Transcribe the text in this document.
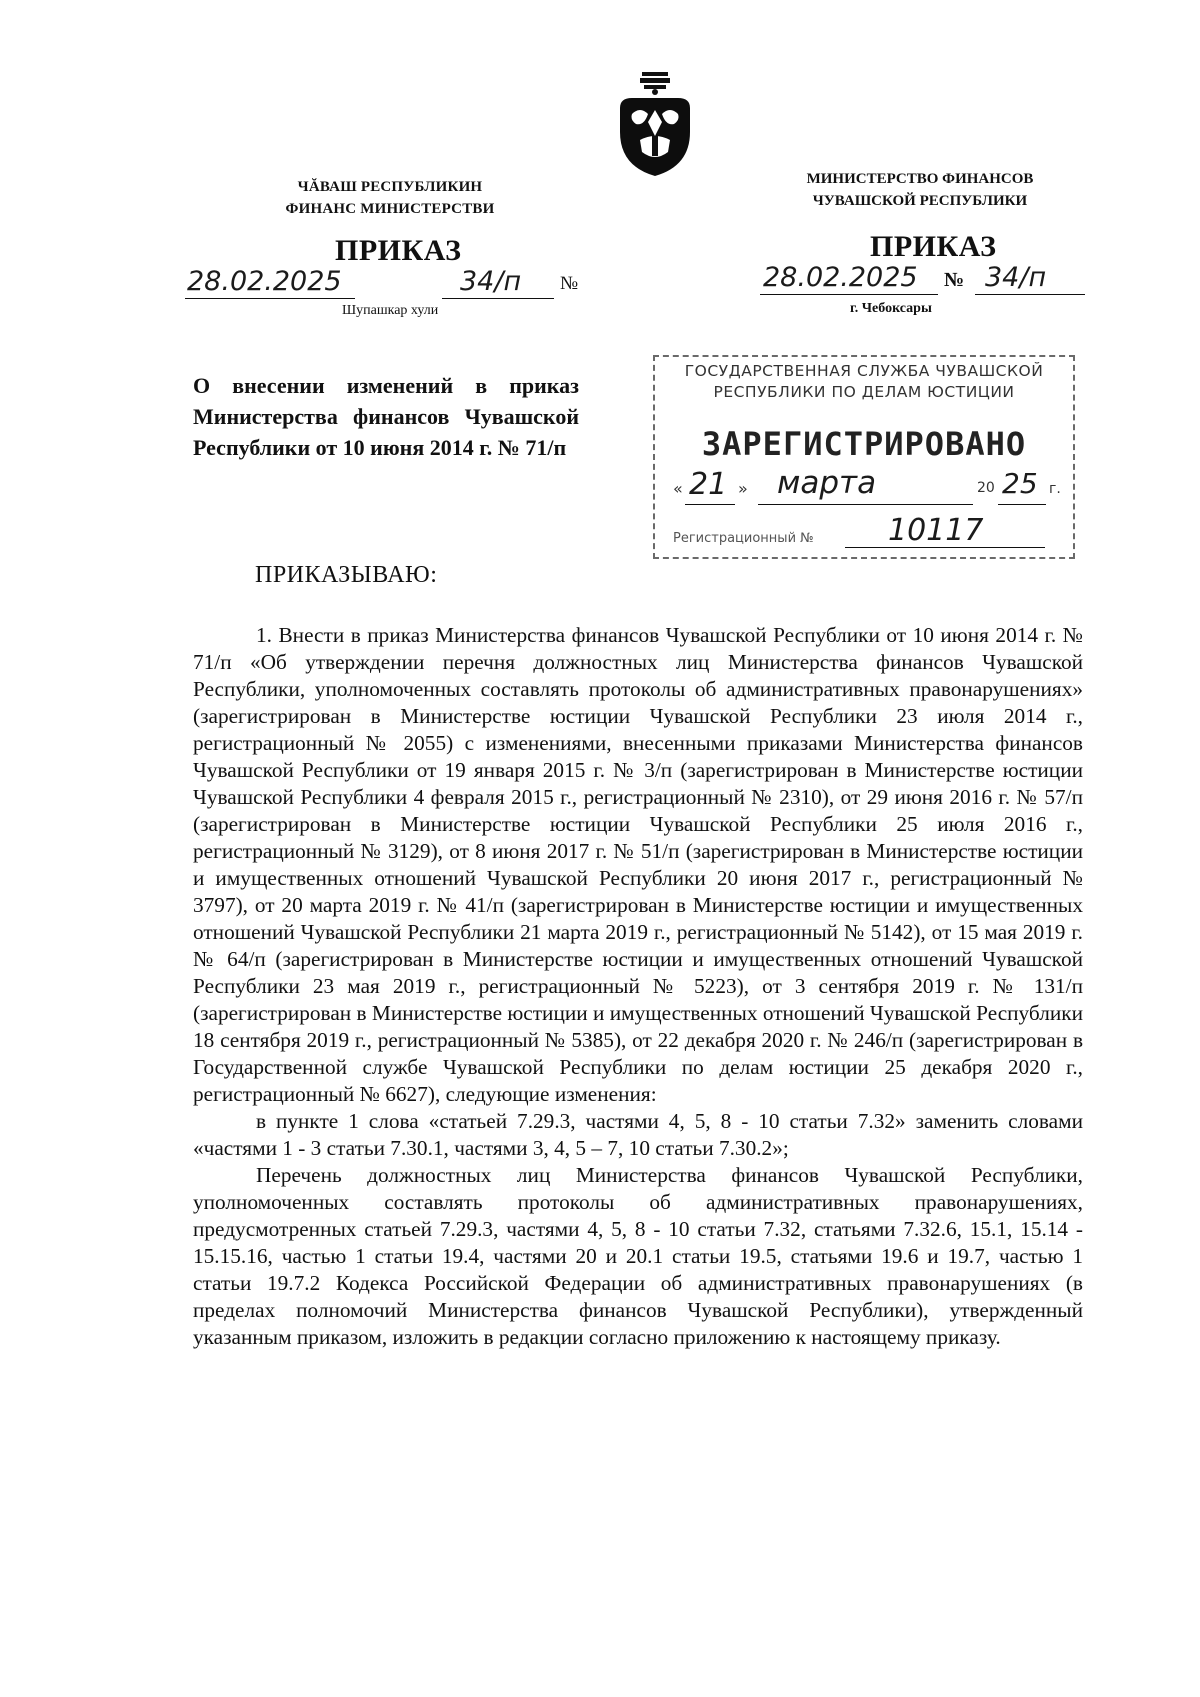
ЧĂВАШ РЕСПУБЛИКИН
ФИНАНС МИНИСТЕРСТВИ
МИНИСТЕРСТВО ФИНАНСОВ
ЧУВАШСКОЙ РЕСПУБЛИКИ
ПРИКАЗ	ПРИКАЗ
28.02.2025	34/п №
Шупашкар хули
28.02.2025 № 34/п
г. Чебоксары
О внесении изменений в приказ Министерства финансов Чувашской Республики от 10 июня 2014 г. № 71/п
ГОСУДАРСТВЕННАЯ СЛУЖБА ЧУВАШСКОЙ
РЕСПУБЛИКИ ПО ДЕЛАМ ЮСТИЦИИ
ЗАРЕГИСТРИРОВАНО
« 21 » марта	20 25 г.
Регистрационный № 10117
ПРИКАЗЫВАЮ:

1. Внести в приказ Министерства финансов Чувашской Республики от 10 июня 2014 г. № 71/п «Об утверждении перечня должностных лиц Министерства финансов Чувашской Республики, уполномоченных составлять протоколы об административных правонарушениях» (зарегистрирован в Министерстве юстиции Чувашской Республики 23 июля 2014 г., регистрационный № 2055) с изменениями, внесенными приказами Министерства финансов Чувашской Республики от 19 января 2015 г. № 3/п (зарегистрирован в Министерстве юстиции Чувашской Республики 4 февраля 2015 г., регистрационный № 2310), от 29 июня 2016 г. № 57/п (зарегистрирован в Министерстве юстиции Чувашской Республики 25 июля 2016 г., регистрационный № 3129), от 8 июня 2017 г. № 51/п (зарегистрирован в Министерстве юстиции и имущественных отношений Чувашской Республики 20 июня 2017 г., регистрационный № 3797), от 20 марта 2019 г. № 41/п (зарегистрирован в Министерстве юстиции и имущественных отношений Чувашской Республики 21 марта 2019 г., регистрационный № 5142), от 15 мая 2019 г. № 64/п (зарегистрирован в Министерстве юстиции и имущественных отношений Чувашской Республики 23 мая 2019 г., регистрационный № 5223), от 3 сентября 2019 г. № 131/п (зарегистрирован в Министерстве юстиции и имущественных отношений Чувашской Республики 18 сентября 2019 г., регистрационный № 5385), от 22 декабря 2020 г. № 246/п (зарегистрирован в Государственной службе Чувашской Республики по делам юстиции 25 декабря 2020 г., регистрационный № 6627), следующие изменения:

в пункте 1 слова «статьей 7.29.3, частями 4, 5, 8 - 10 статьи 7.32» заменить словами «частями 1 - 3 статьи 7.30.1, частями 3, 4, 5 – 7, 10 статьи 7.30.2»;

Перечень должностных лиц Министерства финансов Чувашской Республики, уполномоченных составлять протоколы об административных правонарушениях, предусмотренных статьей 7.29.3, частями 4, 5, 8 - 10 статьи 7.32, статьями 7.32.6, 15.1, 15.14 - 15.15.16, частью 1 статьи 19.4, частями 20 и 20.1 статьи 19.5, статьями 19.6 и 19.7, частью 1 статьи 19.7.2 Кодекса Российской Федерации об административных правонарушениях (в пределах полномочий Министерства финансов Чувашской Республики), утвержденный указанным приказом, изложить в редакции согласно приложению к настоящему приказу.
